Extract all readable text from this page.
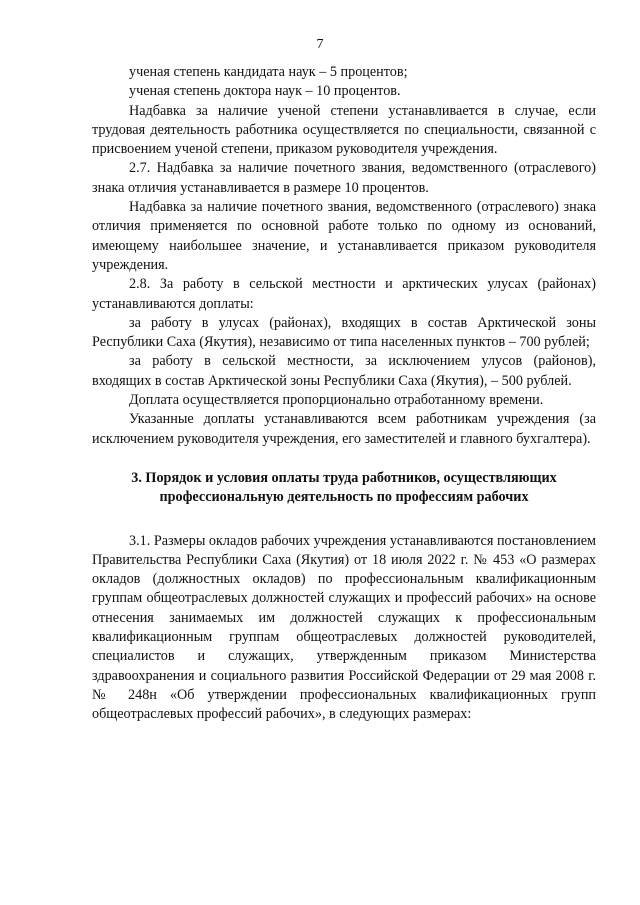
7

ученая степень кандидата наук – 5 процентов;

ученая степень доктора наук – 10 процентов.

Надбавка за наличие ученой степени устанавливается в случае, если трудовая деятельность работника осуществляется по специальности, связанной с присвоением ученой степени, приказом руководителя учреждения.

2.7. Надбавка за наличие почетного звания, ведомственного (отраслевого) знака отличия устанавливается в размере 10 процентов.

Надбавка за наличие почетного звания, ведомственного (отраслевого) знака отличия применяется по основной работе только по одному из оснований, имеющему наибольшее значение, и устанавливается приказом руководителя учреждения.

2.8. За работу в сельской местности и арктических улусах (районах) устанавливаются доплаты:

за работу в улусах (районах), входящих в состав Арктической зоны Республики Саха (Якутия), независимо от типа населенных пунктов – 700 рублей;

за работу в сельской местности, за исключением улусов (районов), входящих в состав Арктической зоны Республики Саха (Якутия), – 500 рублей.

Доплата осуществляется пропорционально отработанному времени.

Указанные доплаты устанавливаются всем работникам учреждения (за исключением руководителя учреждения, его заместителей и главного бухгалтера).

3. Порядок и условия оплаты труда работников, осуществляющих
профессиональную деятельность по профессиям рабочих

3.1. Размеры окладов рабочих учреждения устанавливаются постановлением Правительства Республики Саха (Якутия) от 18 июля 2022 г. № 453 «О размерах окладов (должностных окладов) по профессиональным квалификационным группам общеотраслевых должностей служащих и профессий рабочих» на основе отнесения занимаемых им должностей служащих к профессиональным квалификационным группам общеотраслевых должностей руководителей, специалистов и служащих, утвержденным приказом Министерства здравоохранения и социального развития Российской Федерации от 29 мая 2008 г. № 248н «Об утверждении профессиональных квалификационных групп общеотраслевых профессий рабочих», в следующих размерах:
